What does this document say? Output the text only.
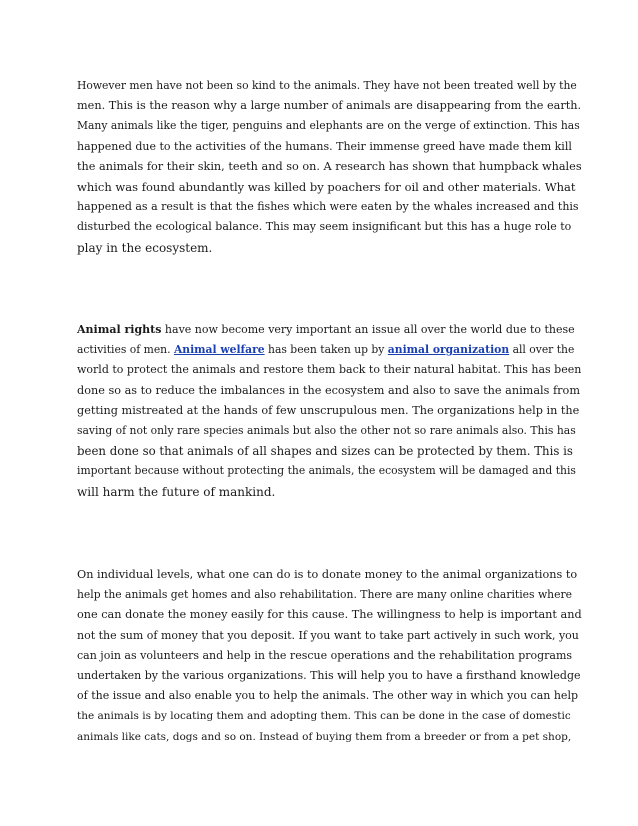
However men have not been so kind to the animals. They have not been treated well by the
men. This is the reason why a large number of animals are disappearing from the earth.
Many animals like the tiger, penguins and elephants are on the verge of extinction. This has
happened due to the activities of the humans. Their immense greed have made them kill
the animals for their skin, teeth and so on. A research has shown that humpback whales
which was found abundantly was killed by poachers for oil and other materials. What
happened as a result is that the fishes which were eaten by the whales increased and this
disturbed the ecological balance. This may seem insignificant but this has a huge role to
play in the ecosystem.

Animal rights have now become very important an issue all over the world due to these
activities of men. Animal welfare has been taken up by animal organization all over the
world to protect the animals and restore them back to their natural habitat. This has been
done so as to reduce the imbalances in the ecosystem and also to save the animals from
getting mistreated at the hands of few unscrupulous men. The organizations help in the
saving of not only rare species animals but also the other not so rare animals also. This has
been done so that animals of all shapes and sizes can be protected by them. This is
important because without protecting the animals, the ecosystem will be damaged and this
will harm the future of mankind.

On individual levels, what one can do is to donate money to the animal organizations to
help the animals get homes and also rehabilitation. There are many online charities where
one can donate the money easily for this cause. The willingness to help is important and
not the sum of money that you deposit. If you want to take part actively in such work, you
can join as volunteers and help in the rescue operations and the rehabilitation programs
undertaken by the various organizations. This will help you to have a firsthand knowledge
of the issue and also enable you to help the animals. The other way in which you can help
the animals is by locating them and adopting them. This can be done in the case of domestic
animals like cats, dogs and so on. Instead of buying them from a breeder or from a pet shop,
